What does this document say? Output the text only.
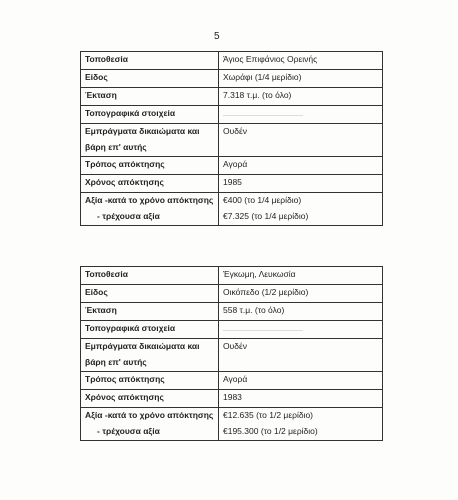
5
Τοποθεσία	Άγιος Επιφάνιος Ορεινής
Είδος	Χωράφι (1/4 μερίδιο)
Έκταση	7.318 τ.μ. (το όλο)
Τοπογραφικά στοιχεία	
Εμπράγματα δικαιώματα και	Ουδέν
βάρη επ' αυτής	
Τρόπος απόκτησης	Αγορά
Χρόνος απόκτησης	1985
Αξία -κατά το χρόνο απόκτησης	€400 (το 1/4 μερίδιο)
- τρέχουσα αξία	€7.325 (το 1/4 μερίδιο)
Τοποθεσία	Έγκωμη, Λευκωσία
Είδος	Οικόπεδο (1/2 μερίδιο)
Έκταση	558 τ.μ. (το όλο)
Τοπογραφικά στοιχεία	
Εμπράγματα δικαιώματα και	Ουδέν
βάρη επ' αυτής	
Τρόπος απόκτησης	Αγορά
Χρόνος απόκτησης	1983
Αξία -κατά το χρόνο απόκτησης	€12.635 (το 1/2 μερίδιο)
- τρέχουσα αξία	€195.300 (το 1/2 μερίδιο)
